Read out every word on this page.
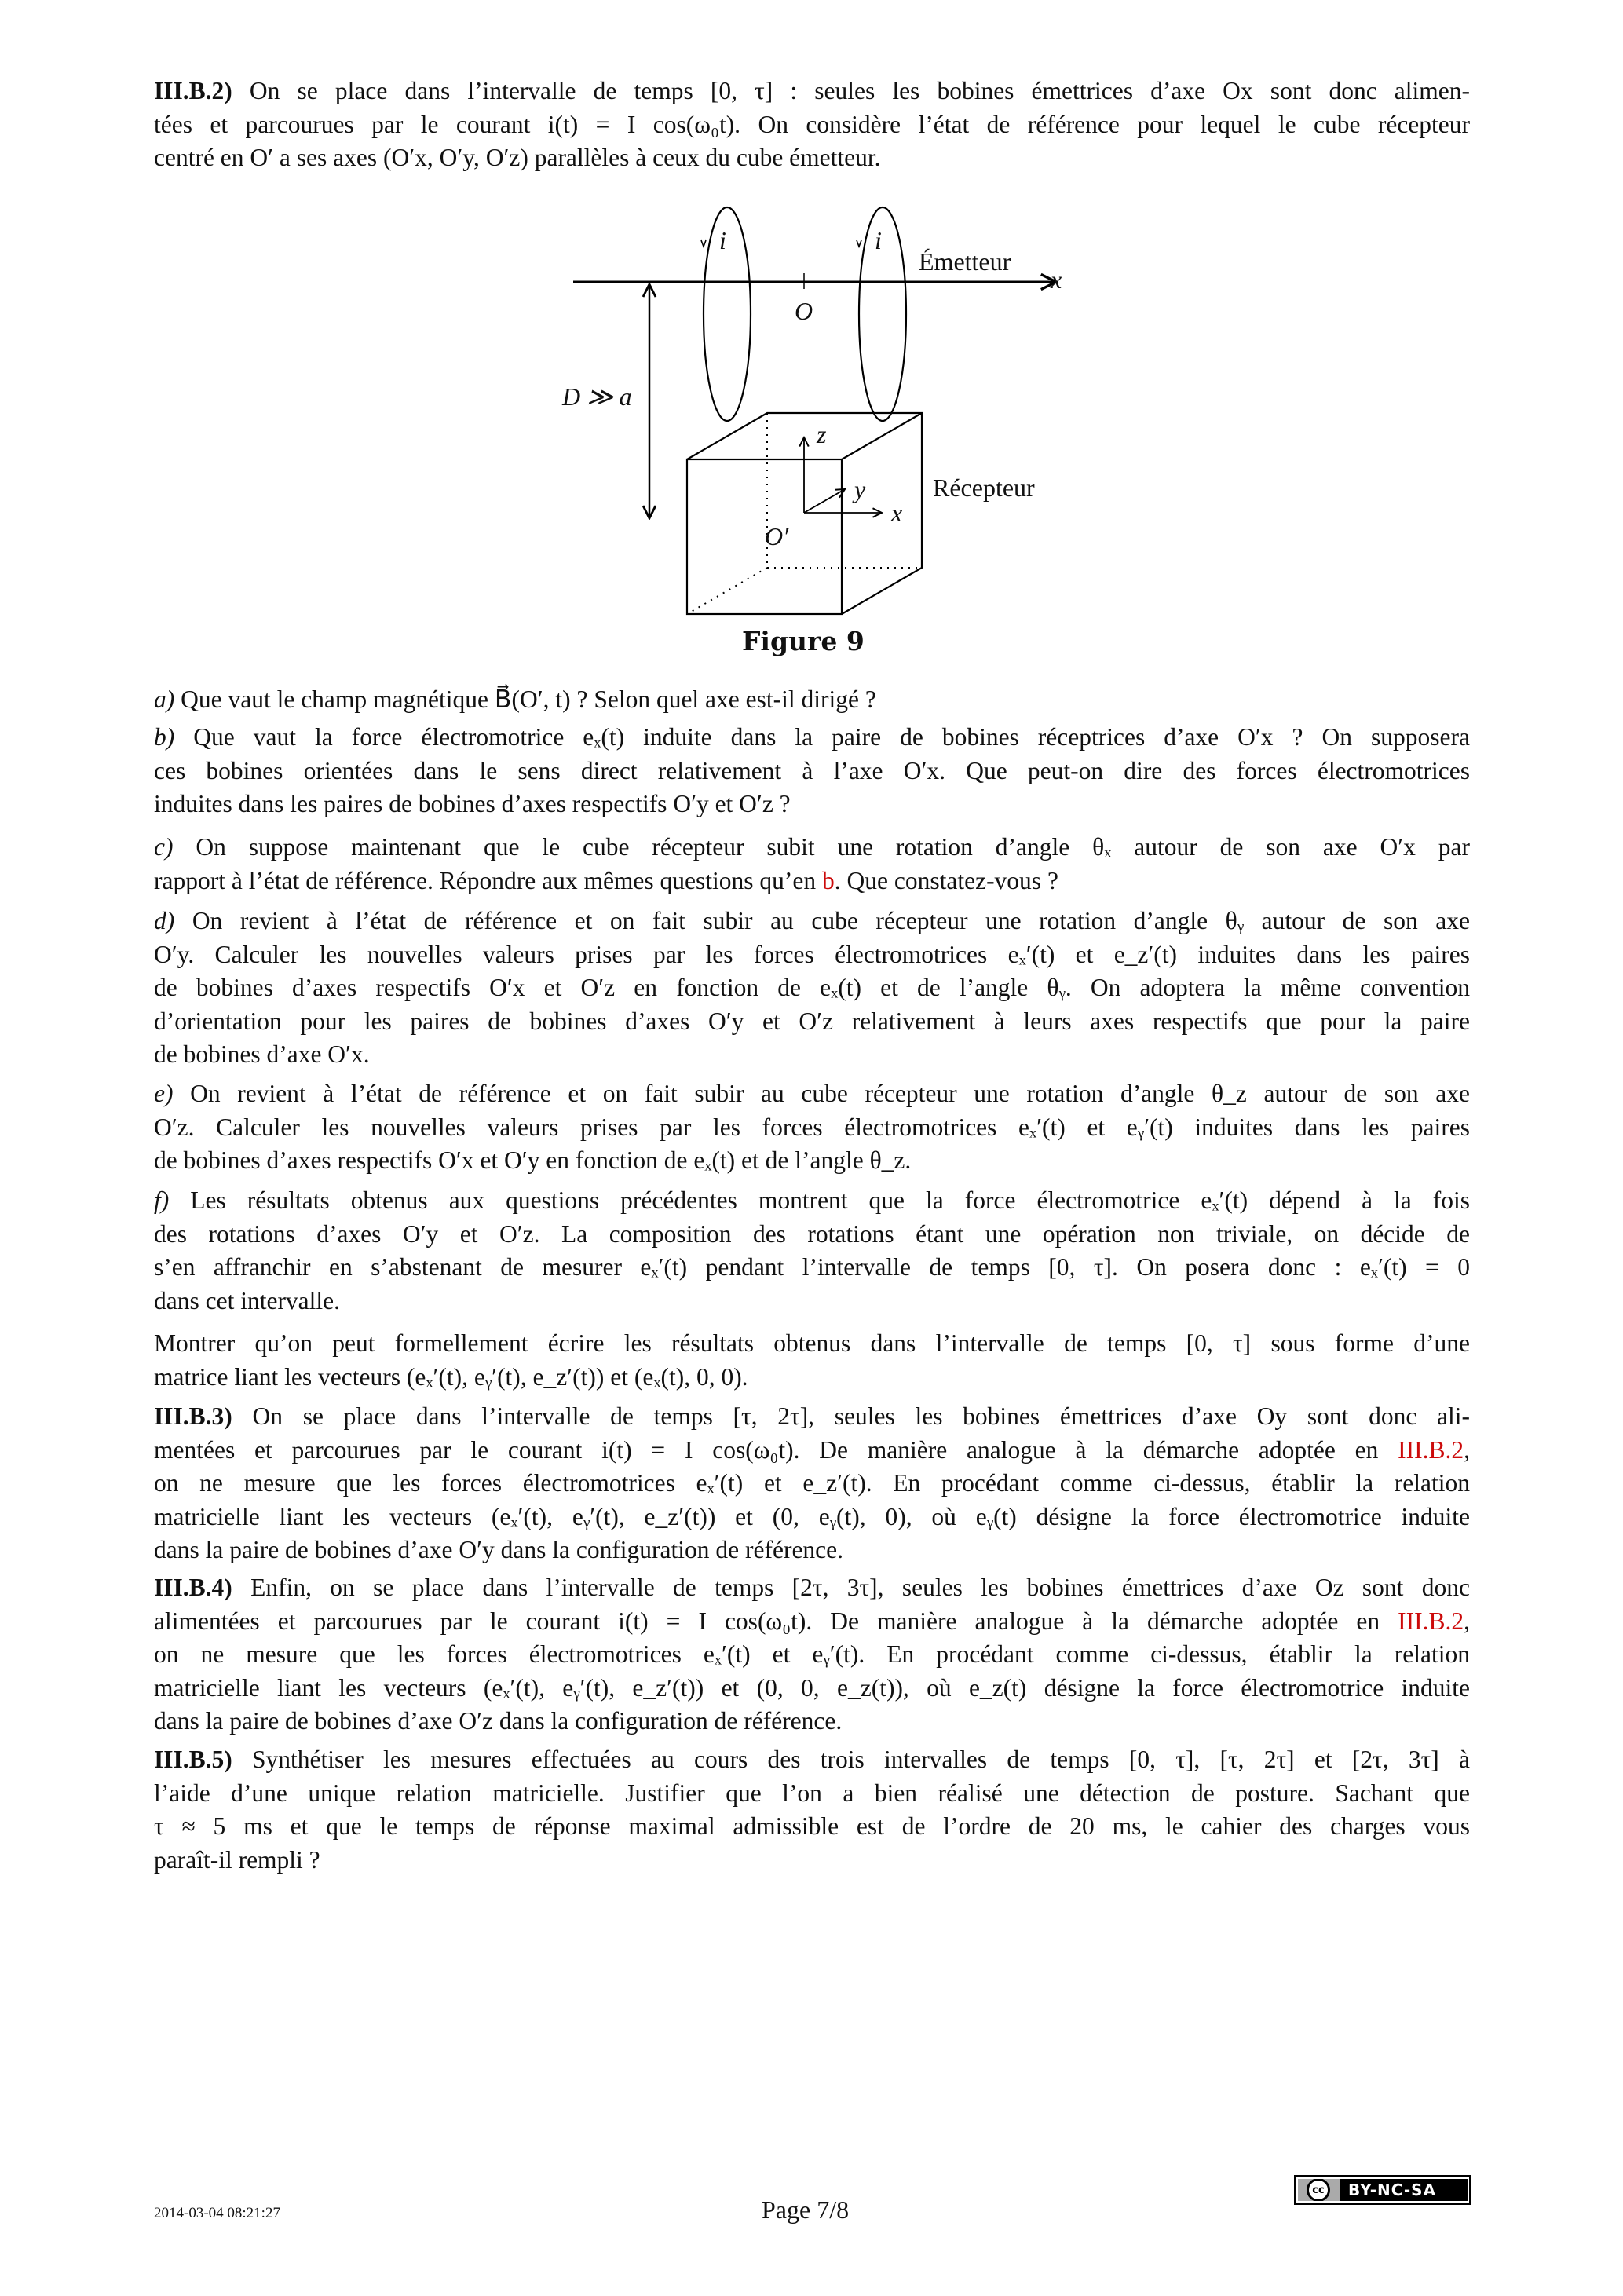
III.B.2) On se place dans l’intervalle de temps [0, τ] : seules les bobines émettrices d’axe Ox sont donc alimen-
tées et parcourues par le courant i(t) = I cos(ω₀t). On considère l’état de référence pour lequel le cube récepteur
centré en O′ a ses axes (O′x, O′y, O′z) parallèles à ceux du cube émetteur.
a) Que vaut le champ magnétique B⃗(O′, t) ? Selon quel axe est-il dirigé ?
b) Que vaut la force électromotrice eₓ(t) induite dans la paire de bobines réceptrices d’axe O′x ? On supposera
ces bobines orientées dans le sens direct relativement à l’axe O′x. Que peut-on dire des forces électromotrices
induites dans les paires de bobines d’axes respectifs O′y et O′z ?
c) On suppose maintenant que le cube récepteur subit une rotation d’angle θₓ autour de son axe O′x par
rapport à l’état de référence. Répondre aux mêmes questions qu’en b. Que constatez-vous ?
d) On revient à l’état de référence et on fait subir au cube récepteur une rotation d’angle θᵧ autour de son axe
O′y. Calculer les nouvelles valeurs prises par les forces électromotrices eₓ′(t) et e_z′(t) induites dans les paires
de bobines d’axes respectifs O′x et O′z en fonction de eₓ(t) et de l’angle θᵧ. On adoptera la même convention
d’orientation pour les paires de bobines d’axes O′y et O′z relativement à leurs axes respectifs que pour la paire
de bobines d’axe O′x.
e) On revient à l’état de référence et on fait subir au cube récepteur une rotation d’angle θ_z autour de son axe
O′z. Calculer les nouvelles valeurs prises par les forces électromotrices eₓ′(t) et eᵧ′(t) induites dans les paires
de bobines d’axes respectifs O′x et O′y en fonction de eₓ(t) et de l’angle θ_z.
f) Les résultats obtenus aux questions précédentes montrent que la force électromotrice eₓ′(t) dépend à la fois
des rotations d’axes O′y et O′z. La composition des rotations étant une opération non triviale, on décide de
s’en affranchir en s’abstenant de mesurer eₓ′(t) pendant l’intervalle de temps [0, τ]. On posera donc : eₓ′(t) = 0
dans cet intervalle.
Montrer qu’on peut formellement écrire les résultats obtenus dans l’intervalle de temps [0, τ] sous forme d’une
matrice liant les vecteurs (eₓ′(t), eᵧ′(t), e_z′(t)) et (eₓ(t), 0, 0).
III.B.3) On se place dans l’intervalle de temps [τ, 2τ], seules les bobines émettrices d’axe Oy sont donc ali-
mentées et parcourues par le courant i(t) = I cos(ω₀t). De manière analogue à la démarche adoptée en III.B.2,
on ne mesure que les forces électromotrices eₓ′(t) et e_z′(t). En procédant comme ci-dessus, établir la relation
matricielle liant les vecteurs (eₓ′(t), eᵧ′(t), e_z′(t)) et (0, eᵧ(t), 0), où eᵧ(t) désigne la force électromotrice induite
dans la paire de bobines d’axe O′y dans la configuration de référence.
III.B.4) Enfin, on se place dans l’intervalle de temps [2τ, 3τ], seules les bobines émettrices d’axe Oz sont donc
alimentées et parcourues par le courant i(t) = I cos(ω₀t). De manière analogue à la démarche adoptée en III.B.2,
on ne mesure que les forces électromotrices eₓ′(t) et eᵧ′(t). En procédant comme ci-dessus, établir la relation
matricielle liant les vecteurs (eₓ′(t), eᵧ′(t), e_z′(t)) et (0, 0, e_z(t)), où e_z(t) désigne la force électromotrice induite
dans la paire de bobines d’axe O′z dans la configuration de référence.
III.B.5) Synthétiser les mesures effectuées au cours des trois intervalles de temps [0, τ], [τ, 2τ] et [2τ, 3τ] à
l’aide d’une unique relation matricielle. Justifier que l’on a bien réalisé une détection de posture. Sachant que
τ ≈ 5 ms et que le temps de réponse maximal admissible est de l’ordre de 20 ms, le cahier des charges vous
paraît-il rempli ?
i	i
Émetteur
x
O
D ≫ a
z
y
x
Récepteur
O′
Figure 9
2014-03-04 08:21:27	Page 7/8
cc	BY-NC-SA
